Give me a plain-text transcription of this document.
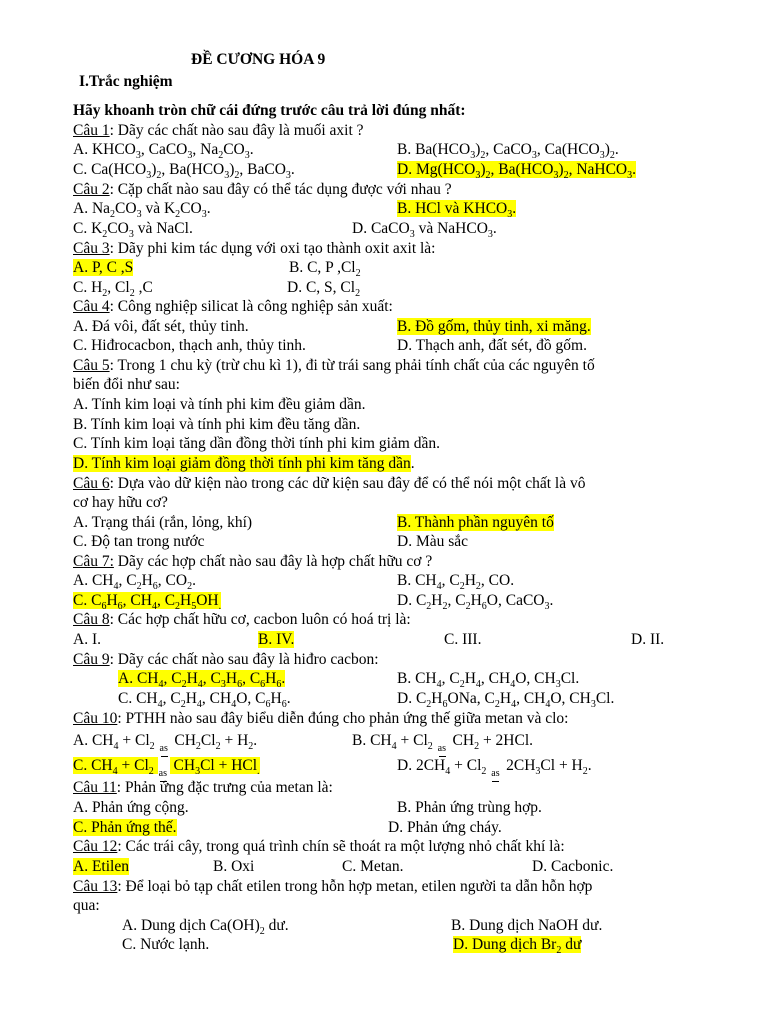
ĐỀ CƯƠNG HÓA 9
I.Trắc nghiệm
Hãy khoanh tròn chữ cái đứng trước câu trả lời đúng nhất:
Câu 1: Dãy các chất nào sau đây là muối axit ?
A. $KHCO_3$, CaCO$_3$, $Na_2CO_3$.	B. $Ba(HCO_3)_2$, CaCO$_3$, $Ca(HCO_3)_2$.
C. $Ca(HCO_3)_2$, $Ba(HCO_3)_2$, BaCO$_3$.	D. $Mg(HCO_3)_2$, $Ba(HCO_3)_2$, NaHCO$_3$.
Câu 2: Cặp chất nào sau đây có thể tác dụng được với nhau ?
A. $Na_2CO_3$ và $K_2CO_3$.	B. HCl và $KHCO_3$.
C. $K_2CO_3$ và NaCl.	D. CaCO$_3$ và NaHCO$_3$.
Câu 3: Dãy phi kim tác dụng với oxi tạo thành oxit axit là:
A. P, C ,S	B. C, P $,Cl_2$
C. $H_2$, $Cl_2$ ,C	D. C, S, $Cl_2$
Câu 4: Công nghiệp silicat là công nghiệp sản xuất:
A. Đá vôi, đất sét, thủy tinh.	B. Đồ gốm, thủy tinh, xi măng.
C. Hiđrocacbon, thạch anh, thủy tinh.	D. Thạch anh, đất sét, đồ gốm.
Câu 5: Trong 1 chu kỳ (trừ chu kì 1), đi từ trái sang phải tính chất của các nguyên tố
biến đổi như sau:
A. Tính kim loại và tính phi kim đều giảm dần.
B. Tính kim loại và tính phi kim đều tăng dần.
C. Tính kim loại tăng dần đồng thời tính phi kim giảm dần.
D. Tính kim loại giảm đồng thời tính phi kim tăng dần.
Câu 6: Dựa vào dữ kiện nào trong các dữ kiện sau đây để có thể nói một chất là vô
cơ hay hữu cơ?
A. Trạng thái (rắn, lỏng, khí)	B. Thành phần nguyên tố
C. Độ tan trong nước	D. Màu sắc
Câu 7: Dãy các hợp chất nào sau đây là hợp chất hữu cơ ?
A. $CH_4$, $C_2H_6$, $CO_2$.	B. $CH_4$, $C_2H_2$, CO.
C. $C_6H_6$, $CH_4$, $C_2H_5OH_.$	D. $C_2H_2$, $C_2H_6O$, CaCO$_3$.
Câu 8: Các hợp chất hữu cơ, cacbon luôn có hoá trị là:
A. I.	B. IV.	C. III.	D. II.
Câu 9: Dãy các chất nào sau đây là hiđro cacbon:
A. $CH_4$, $C_2H_4$, $C_3H_6$, $C_6H_6$.	B. $CH_4$, $C_2H_4$, $CH_4O$, $CH_3Cl$.
C. $CH_4$, $C_2H_4$, $CH_4O$, $C_6H_6$.	D. $C_2H_6ONa$, $C_2H_4$, $CH_4O$, $CH_3Cl$.
Câu 10: PTHH nào sau đây biểu diễn đúng cho phản ứng thế giữa metan và clo:
A. $CH_4 + Cl_2$ as $CH_2Cl_2 + H_2$.	B. $CH_4 + Cl_2$ as $CH_2 + 2HCl$.
C. $CH_4 + Cl_2$ as $CH_3Cl + HCl_.$	D. $2CH_4 + Cl_2$ as $2CH_3Cl + H_2$.
Câu 11: Phản ứng đặc trưng của metan là:
A. Phản ứng cộng.	B. Phản ứng trùng hợp.
C. Phản ứng thế.	D. Phản ứng cháy.
Câu 12: Các trái cây, trong quá trình chín sẽ thoát ra một lượng nhỏ chất khí là:
A. Etilen	B. Oxi	C. Metan.	D. Cacbonic.
Câu 13: Để loại bỏ tạp chất etilen trong hỗn hợp metan, etilen người ta dẫn hỗn hợp
qua:
A. Dung dịch $Ca(OH)_2$ dư.	B. Dung dịch NaOH dư.
C. Nước lạnh.	D. Dung dịch $Br_2$ dư
